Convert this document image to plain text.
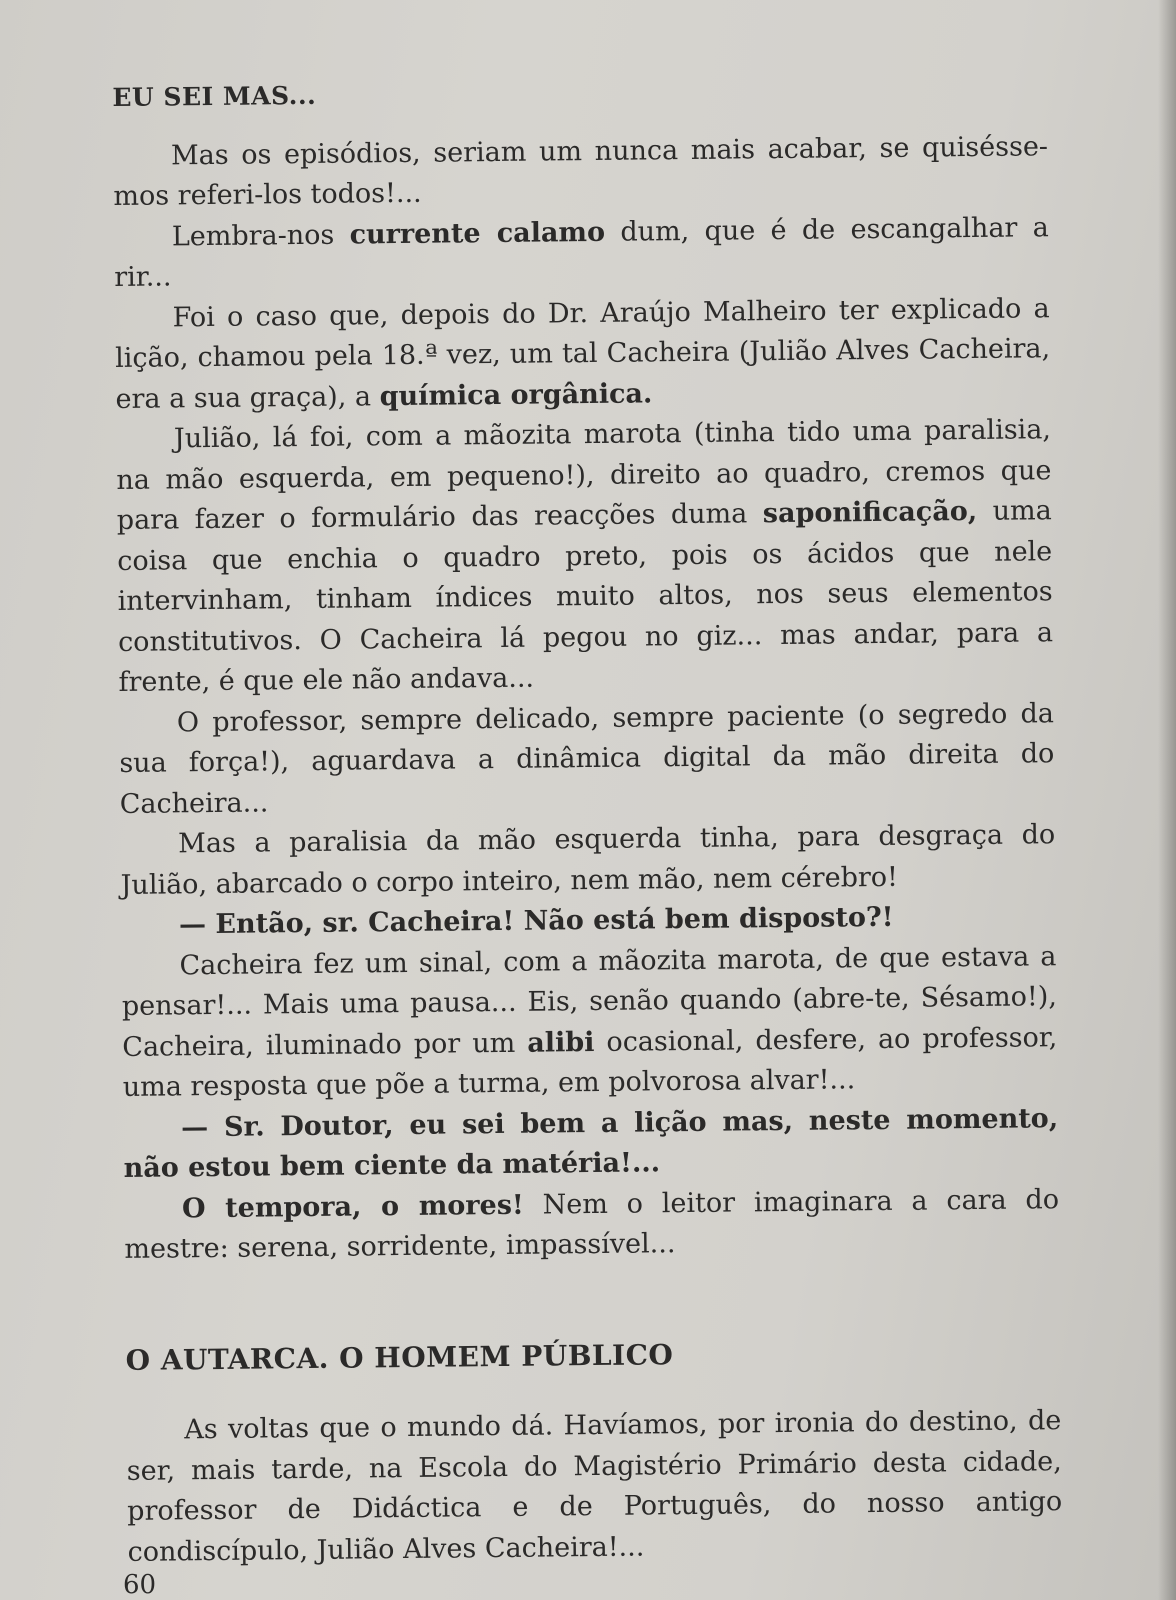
EU SEI MAS...

Mas os episódios, seriam um nunca mais acabar, se quiséssemos referi-los todos!...

Lembra-nos currente calamo dum, que é de escangalhar a rir...

Foi o caso que, depois do Dr. Araújo Malheiro ter explicado a lição, chamou pela 18.ª vez, um tal Cacheira (Julião Alves Cacheira, era a sua graça), a química orgânica.

Julião, lá foi, com a mãozita marota (tinha tido uma paralisia, na mão esquerda, em pequeno!), direito ao quadro, cremos que para fazer o formulário das reacções duma saponificação, uma coisa que enchia o quadro preto, pois os ácidos que nele intervinham, tinham índices muito altos, nos seus elementos constitutivos. O Cacheira lá pegou no giz... mas andar, para a frente, é que ele não andava...

O professor, sempre delicado, sempre paciente (o segredo da sua força!), aguardava a dinâmica digital da mão direita do Cacheira...

Mas a paralisia da mão esquerda tinha, para desgraça do Julião, abarcado o corpo inteiro, nem mão, nem cérebro!

— Então, sr. Cacheira! Não está bem disposto?!

Cacheira fez um sinal, com a mãozita marota, de que estava a pensar!... Mais uma pausa... Eis, senão quando (abre-te, Sésamo!), Cacheira, iluminado por um alibi ocasional, desfere, ao professor, uma resposta que põe a turma, em polvorosa alvar!...

— Sr. Doutor, eu sei bem a lição mas, neste momento, não estou bem ciente da matéria!...

O tempora, o mores! Nem o leitor imaginara a cara do mestre: serena, sorridente, impassível...

O AUTARCA. O HOMEM PÚBLICO

As voltas que o mundo dá. Havíamos, por ironia do destino, de ser, mais tarde, na Escola do Magistério Primário desta cidade, professor de Didáctica e de Português, do nosso antigo condiscípulo, Julião Alves Cacheira!...

60
